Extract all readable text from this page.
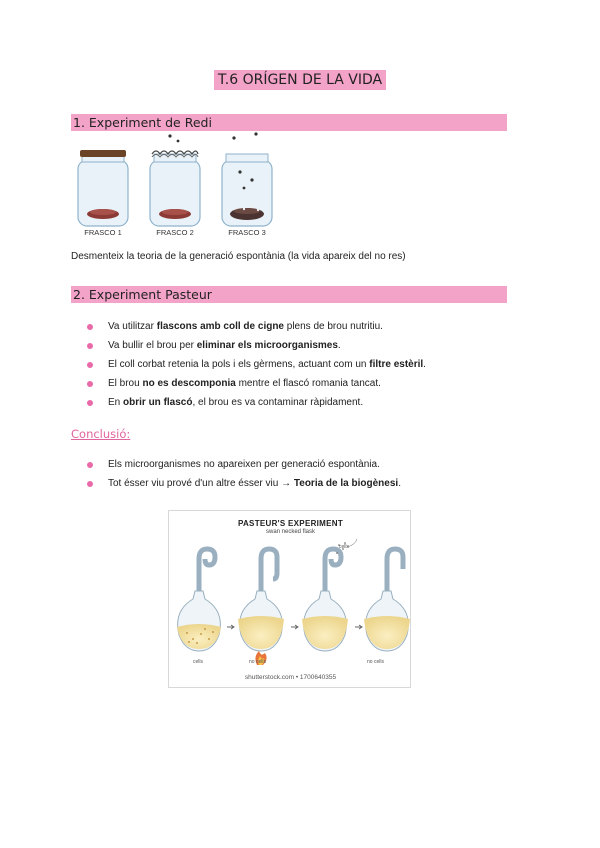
T.6 ORÍGEN DE LA VIDA
1. Experiment de Redi
FRASCO 1	FRASCO 2	FRASCO 3
Desmenteix la teoria de la generació espontània (la vida apareix del no res)
2. Experiment Pasteur
Va utilitzar flascons amb coll de cigne plens de brou nutritiu.
Va bullir el brou per eliminar els microorganismes.
El coll corbat retenia la pols i els gèrmens, actuant com un filtre estèril.
El brou no es descomponia mentre el flascó romania tancat.
En obrir un flascó, el brou es va contaminar ràpidament.
Conclusió:
Els microorganismes no apareixen per generació espontània.
Tot ésser viu prové d'un altre ésser viu → Teoria de la biogènesi.
PASTEUR'S EXPERIMENT
swan necked flask
cells
no cells	no cells
cells
shutterstock.com • 1700640355
